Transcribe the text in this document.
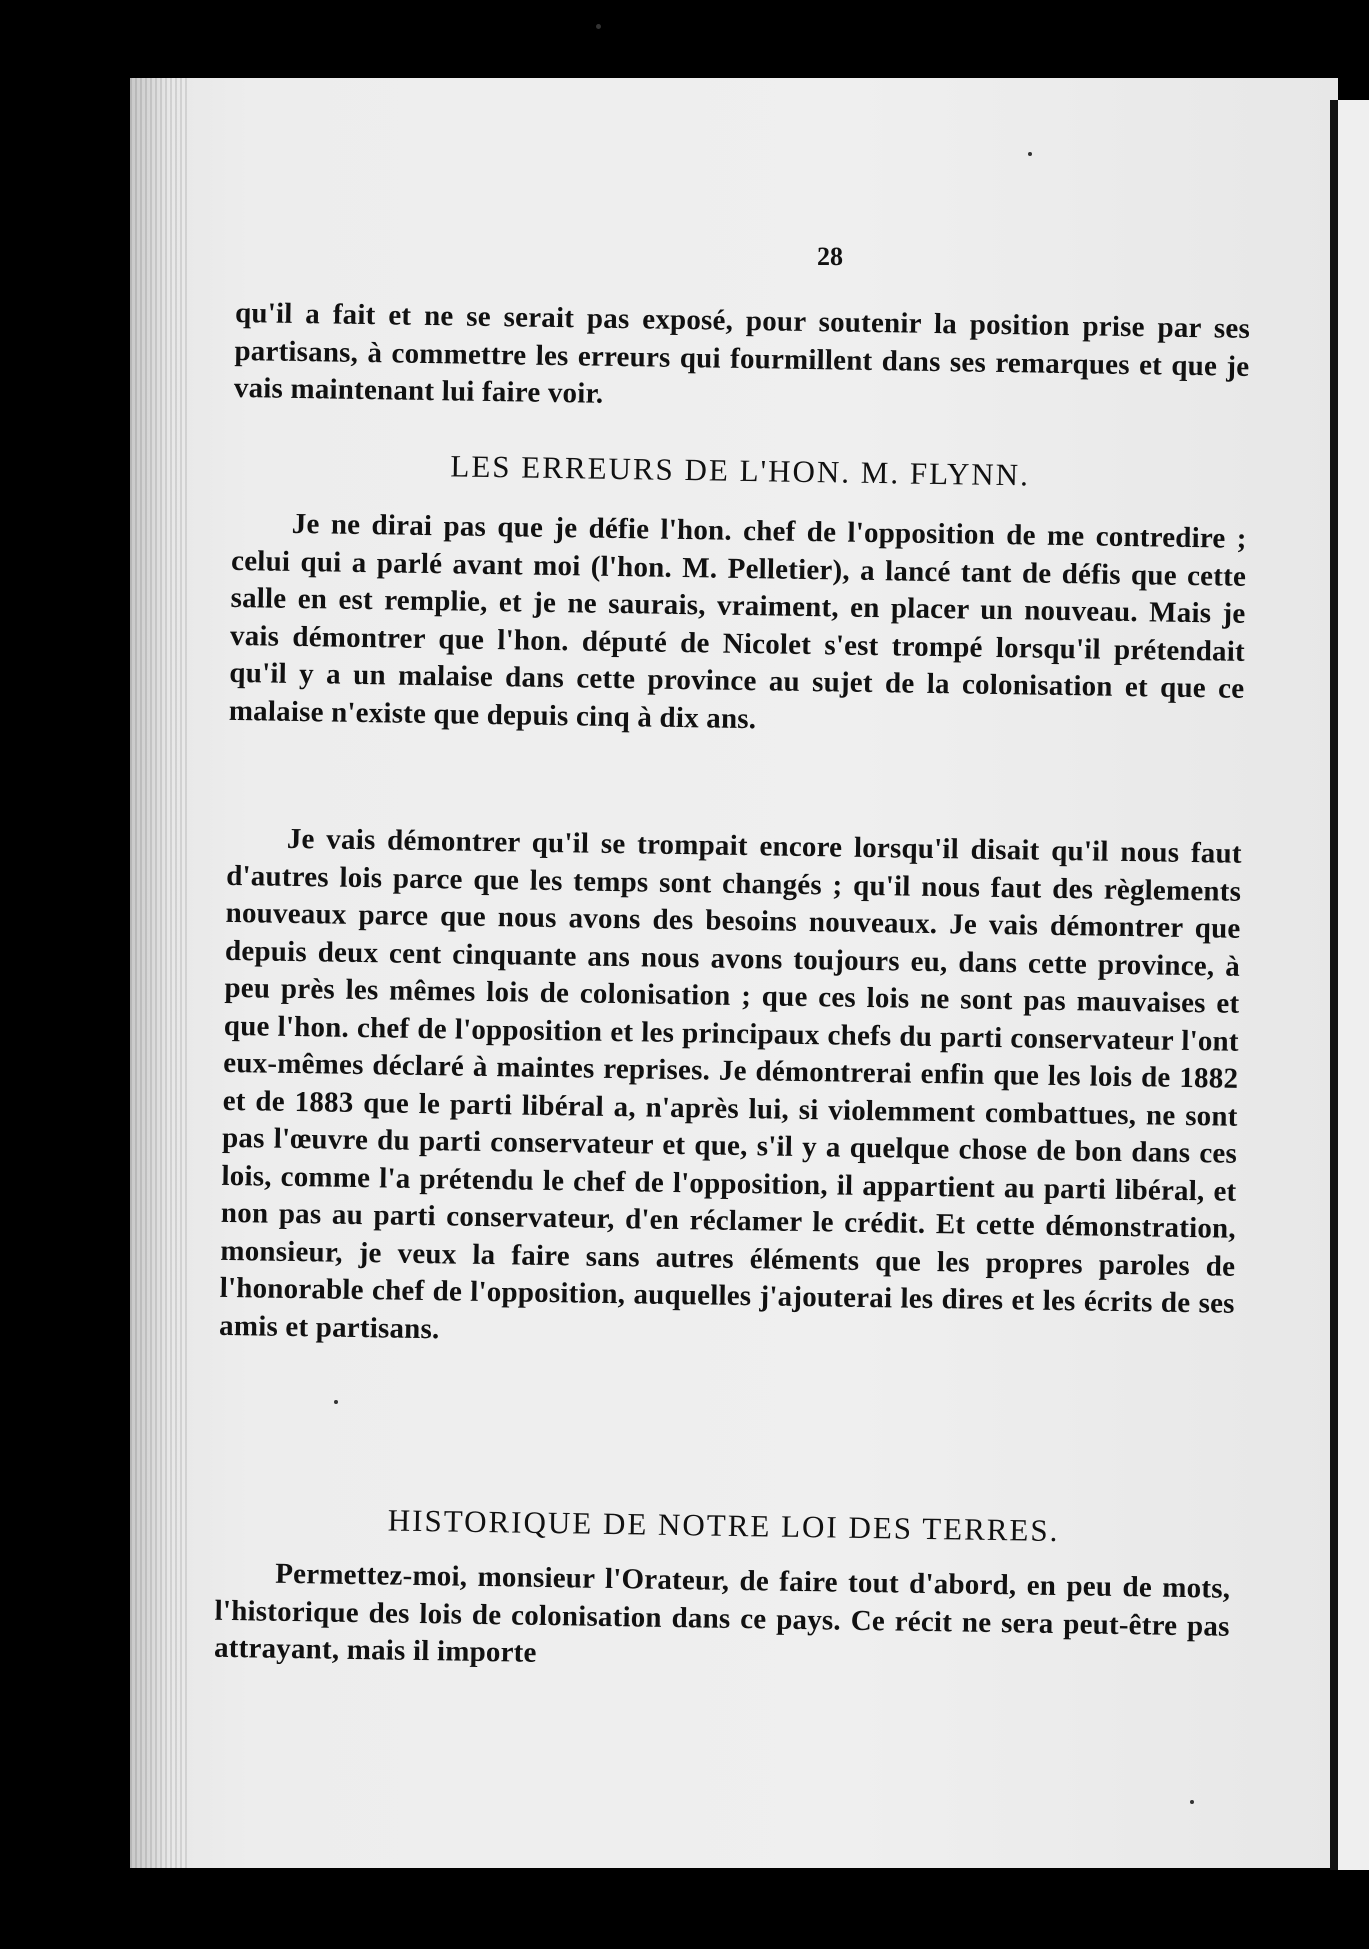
28
qu'il a fait et ne se serait pas exposé, pour soutenir la position prise par ses partisans, à commettre les erreurs qui fourmillent dans ses remarques et que je vais maintenant lui faire voir.
LES ERREURS DE L'HON. M. FLYNN.
Je ne dirai pas que je défie l'hon. chef de l'opposition de me contredire ; celui qui a parlé avant moi (l'hon. M. Pelletier), a lancé tant de défis que cette salle en est remplie, et je ne saurais, vraiment, en placer un nouveau. Mais je vais démontrer que l'hon. député de Nicolet s'est trompé lorsqu'il prétendait qu'il y a un malaise dans cette province au sujet de la colonisation et que ce malaise n'existe que depuis cinq à dix ans.
Je vais démontrer qu'il se trompait encore lorsqu'il disait qu'il nous faut d'autres lois parce que les temps sont changés ; qu'il nous faut des règlements nouveaux parce que nous avons des besoins nouveaux. Je vais démontrer que depuis deux cent cinquante ans nous avons toujours eu, dans cette province, à peu près les mêmes lois de colonisation ; que ces lois ne sont pas mauvaises et que l'hon. chef de l'opposition et les principaux chefs du parti conservateur l'ont eux-mêmes déclaré à maintes reprises. Je démontrerai enfin que les lois de 1882 et de 1883 que le parti libéral a, n'après lui, si violemment combattues, ne sont pas l'œuvre du parti conservateur et que, s'il y a quelque chose de bon dans ces lois, comme l'a prétendu le chef de l'opposition, il appartient au parti libéral, et non pas au parti conservateur, d'en réclamer le crédit. Et cette démonstration, monsieur, je veux la faire sans autres éléments que les propres paroles de l'honorable chef de l'opposition, auquelles j'ajouterai les dires et les écrits de ses amis et partisans.
HISTORIQUE DE NOTRE LOI DES TERRES.
Permettez-moi, monsieur l'Orateur, de faire tout d'abord, en peu de mots, l'historique des lois de colonisation dans ce pays. Ce récit ne sera peut-être pas attrayant, mais il importe
